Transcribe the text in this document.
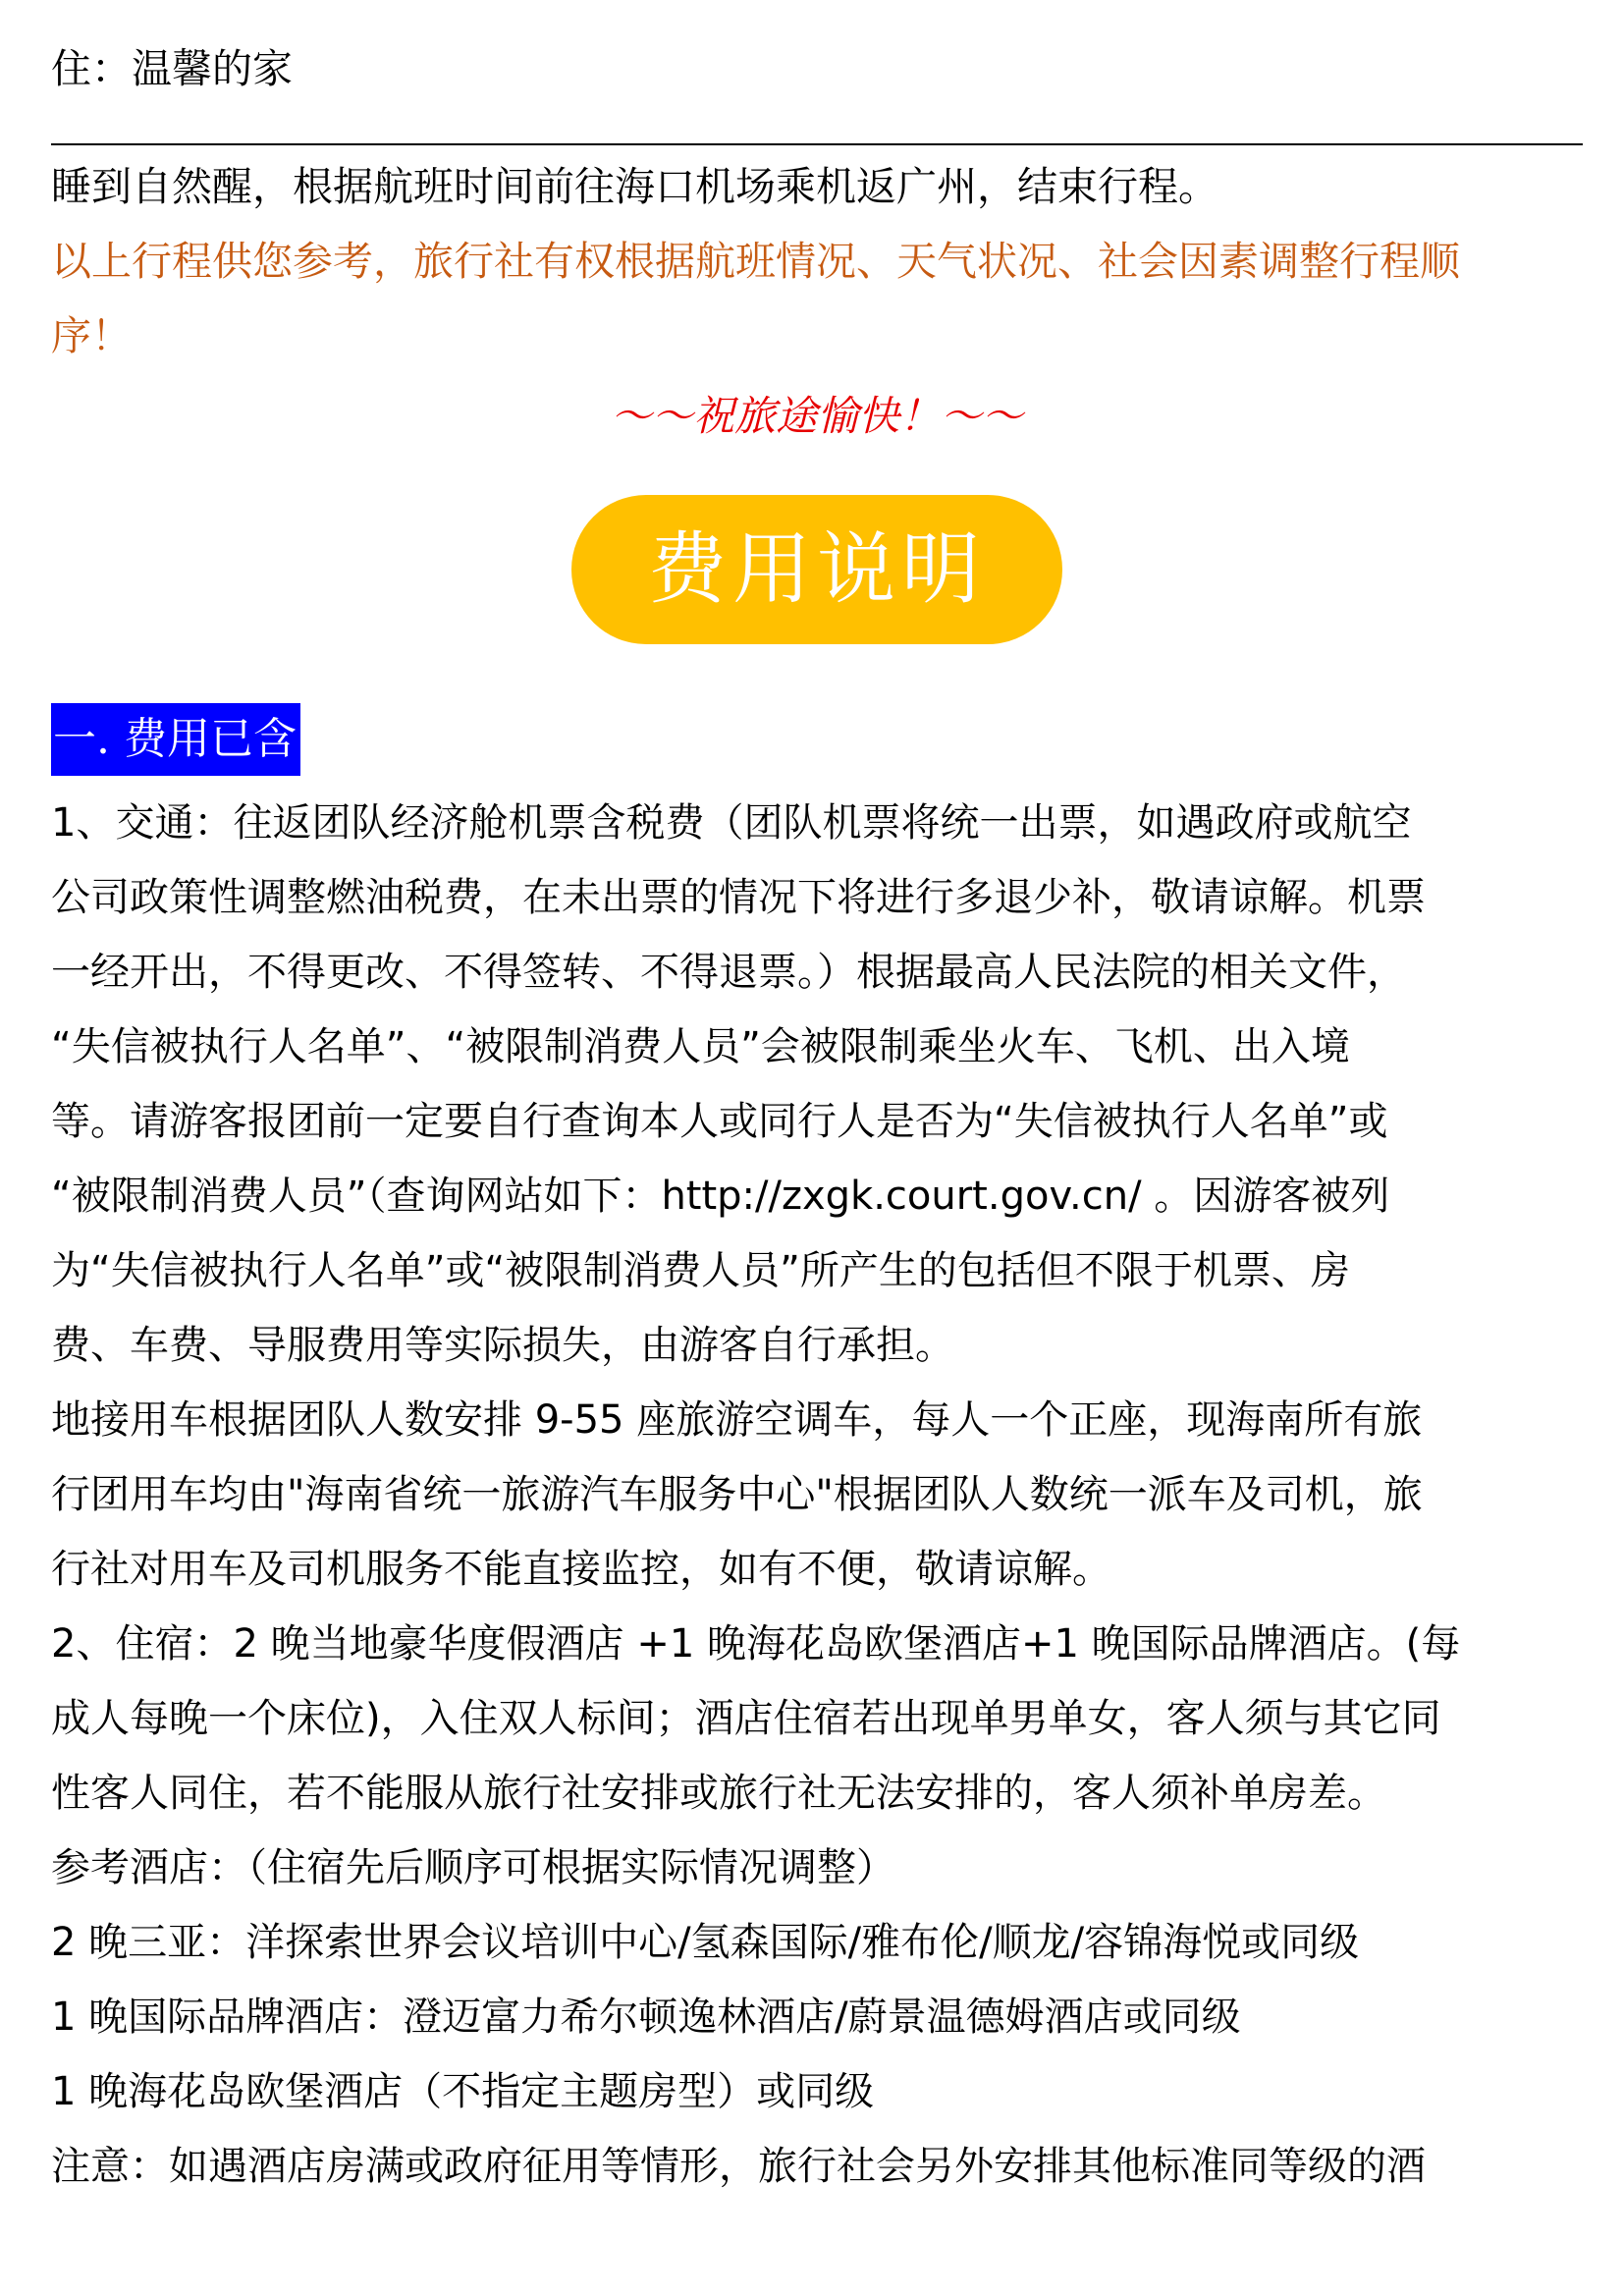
住：温馨的家

睡到自然醒，根据航班时间前往海口机场乘机返广州，结束行程。

以上行程供您参考，旅行社有权根据航班情况、天气状况、社会因素调整行程顺

序！

～～祝旅途愉快！～～
费用说明
一. 费用已含

1、交通：往返团队经济舱机票含税费（团队机票将统一出票，如遇政府或航空

公司政策性调整燃油税费，在未出票的情况下将进行多退少补，敬请谅解。机票

一经开出，不得更改、不得签转、不得退票。）根据最高人民法院的相关文件，

“失信被执行人名单”、“被限制消费人员”会被限制乘坐火车、飞机、出入境

等。请游客报团前一定要自行查询本人或同行人是否为“失信被执行人名单”或

“被限制消费人员”（查询网站如下：http://zxgk.court.gov.cn/ 。因游客被列

为“失信被执行人名单”或“被限制消费人员”所产生的包括但不限于机票、房

费、车费、导服费用等实际损失，由游客自行承担。

地接用车根据团队人数安排 9-55 座旅游空调车，每人一个正座，现海南所有旅

行团用车均由"海南省统一旅游汽车服务中心"根据团队人数统一派车及司机，旅

行社对用车及司机服务不能直接监控，如有不便，敬请谅解。

2、住宿：2 晚当地豪华度假酒店 +1 晚海花岛欧堡酒店+1 晚国际品牌酒店。(每

成人每晚一个床位)，入住双人标间；酒店住宿若出现单男单女，客人须与其它同

性客人同住，若不能服从旅行社安排或旅行社无法安排的，客人须补单房差。

参考酒店：（住宿先后顺序可根据实际情况调整）

2 晚三亚：洋探索世界会议培训中心/氢森国际/雅布伦/顺龙/容锦海悦或同级

1 晚国际品牌酒店：澄迈富力希尔顿逸林酒店/蔚景温德姆酒店或同级

1 晚海花岛欧堡酒店（不指定主题房型）或同级

注意：如遇酒店房满或政府征用等情形，旅行社会另外安排其他标准同等级的酒
